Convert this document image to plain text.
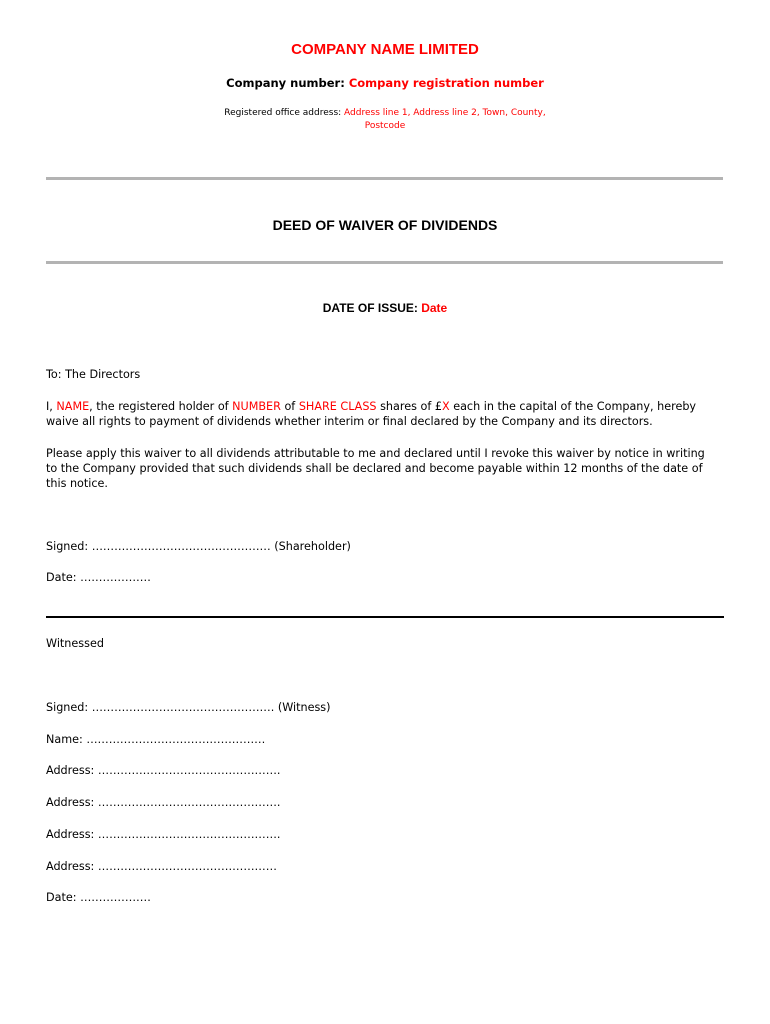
COMPANY NAME LIMITED
Company number: Company registration number
Registered office address: Address line 1, Address line 2, Town, County,
Postcode
DEED OF WAIVER OF DIVIDENDS
DATE OF ISSUE: Date
To: The Directors
I, NAME, the registered holder of NUMBER of SHARE CLASS shares of £X each in the capital of the Company, hereby
waive all rights to payment of dividends whether interim or final declared by the Company and its directors.
Please apply this waiver to all dividends attributable to me and declared until I revoke this waiver by notice in writing
to the Company provided that such dividends shall be declared and become payable within 12 months of the date of
this notice.
Signed: ………………………………………… (Shareholder)
Date: ……………….
Witnessed
Signed: …………………………………………. (Witness)
Name: …………………………………………
Address: ………………………………………….
Address: ………………………………………….
Address: ………………………………………….
Address: …………………………………………
Date: ……………….
